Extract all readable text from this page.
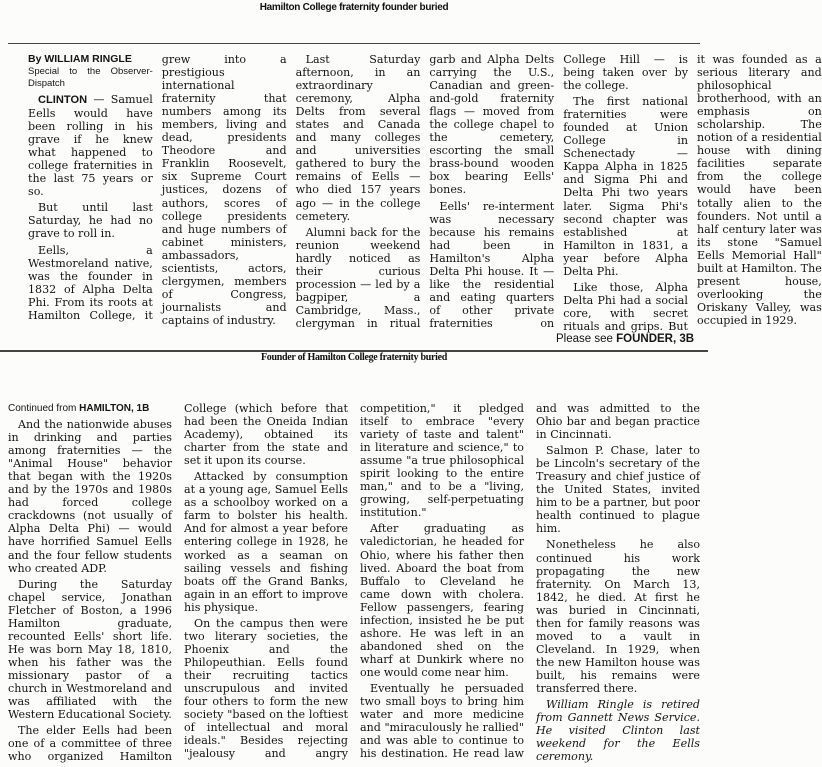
Hamilton College fraternity founder buried

By WILLIAM RINGLE

Special to the Observer-Dispatch

CLINTON — Samuel Eells would have been rolling in his grave if he knew what happened to college fraternities in the last 75 years or so.

But until last Saturday, he had no grave to roll in.

Eells, a Westmoreland native, was the founder in 1832 of Alpha Delta Phi. From its roots at Hamilton College, it grew into a prestigious international fraternity that numbers among its members, living and dead, presidents Theodore and Franklin Roosevelt, six Supreme Court justices, dozens of authors, scores of college presidents and huge numbers of cabinet ministers, ambassadors, scientists, actors, clergymen, members of Congress, journalists and captains of industry.

Last Saturday afternoon, in an extraordinary ceremony, Alpha Delts from several states and Canada and many colleges and universities gathered to bury the remains of Eells — who died 157 years ago — in the college cemetery.

Alumni back for the reunion weekend hardly noticed as their curious procession — led by a bagpiper, a Cambridge, Mass., clergyman in ritual garb and Alpha Delts carrying the U.S., Canadian and green-and-gold fraternity flags — moved from the college chapel to the cemetery, escorting the small brass-bound wooden box bearing Eells' bones.

Eells' re-interment was necessary because his remains had been in Hamilton's Alpha Delta Phi house. It — like the residential and eating quarters of other private fraternities on College Hill — is being taken over by the college.

The first national fraternities were founded at Union College in Schenectady — Kappa Alpha in 1825 and Sigma Phi and Delta Phi two years later. Sigma Phi's second chapter was established at Hamilton in 1831, a year before Alpha Delta Phi.

Like those, Alpha Delta Phi had a social core, with secret rituals and grips. But it was founded as a serious literary and philosophical brotherhood, with an emphasis on scholarship. The notion of a residential house with dining facilities separate from the college would have been totally alien to the founders. Not until a half century later was its stone "Samuel Eells Memorial Hall" built at Hamilton. The present house, overlooking the Oriskany Valley, was occupied in 1929.

Please see FOUNDER, 3B
Founder of Hamilton College fraternity buried

Continued from HAMILTON, 1B

And the nationwide abuses in drinking and parties among fraternities — the "Animal House" behavior that began with the 1920s and by the 1970s and 1980s had forced college crackdowns (not usually of Alpha Delta Phi) — would have horrified Samuel Eells and the four fellow students who created ADP.

During the Saturday chapel service, Jonathan Fletcher of Boston, a 1996 Hamilton graduate, recounted Eells' short life. He was born May 18, 1810, when his father was the missionary pastor of a church in Westmoreland and was affiliated with the Western Educational Society.

The elder Eells had been one of a committee of three who organized Hamilton College (which before that had been the Oneida Indian Academy), obtained its charter from the state and set it upon its course.

Attacked by consumption at a young age, Samuel Eells as a schoolboy worked on a farm to bolster his health. And for almost a year before entering college in 1928, he worked as a seaman on sailing vessels and fishing boats off the Grand Banks, again in an effort to improve his physique.

On the campus then were two literary societies, the Phoenix and the Philopeuthian. Eells found their recruiting tactics unscrupulous and invited four others to form the new society "based on the loftiest of intellectual and moral ideals." Besides rejecting "jealousy and angry competition," it pledged itself to embrace "every variety of taste and talent" in literature and science," to assume "a true philosophical spirit looking to the entire man," and to be a "living, growing, self-perpetuating institution."

After graduating as valedictorian, he headed for Ohio, where his father then lived. Aboard the boat from Buffalo to Cleveland he came down with cholera. Fellow passengers, fearing infection, insisted he be put ashore. He was left in an abandoned shed on the wharf at Dunkirk where no one would come near him.

Eventually he persuaded two small boys to bring him water and more medicine and "miraculously he rallied" and was able to continue to his destination. He read law and was admitted to the Ohio bar and began practice in Cincinnati.

Salmon P. Chase, later to be Lincoln's secretary of the Treasury and chief justice of the United States, invited him to be a partner, but poor health continued to plague him.

Nonetheless he also continued his work propagating the new fraternity. On March 13, 1842, he died. At first he was buried in Cincinnati, then for family reasons was moved to a vault in Cleveland. In 1929, when the new Hamilton house was built, his remains were transferred there.

William Ringle is retired from Gannett News Service. He visited Clinton last weekend for the Eells ceremony.
